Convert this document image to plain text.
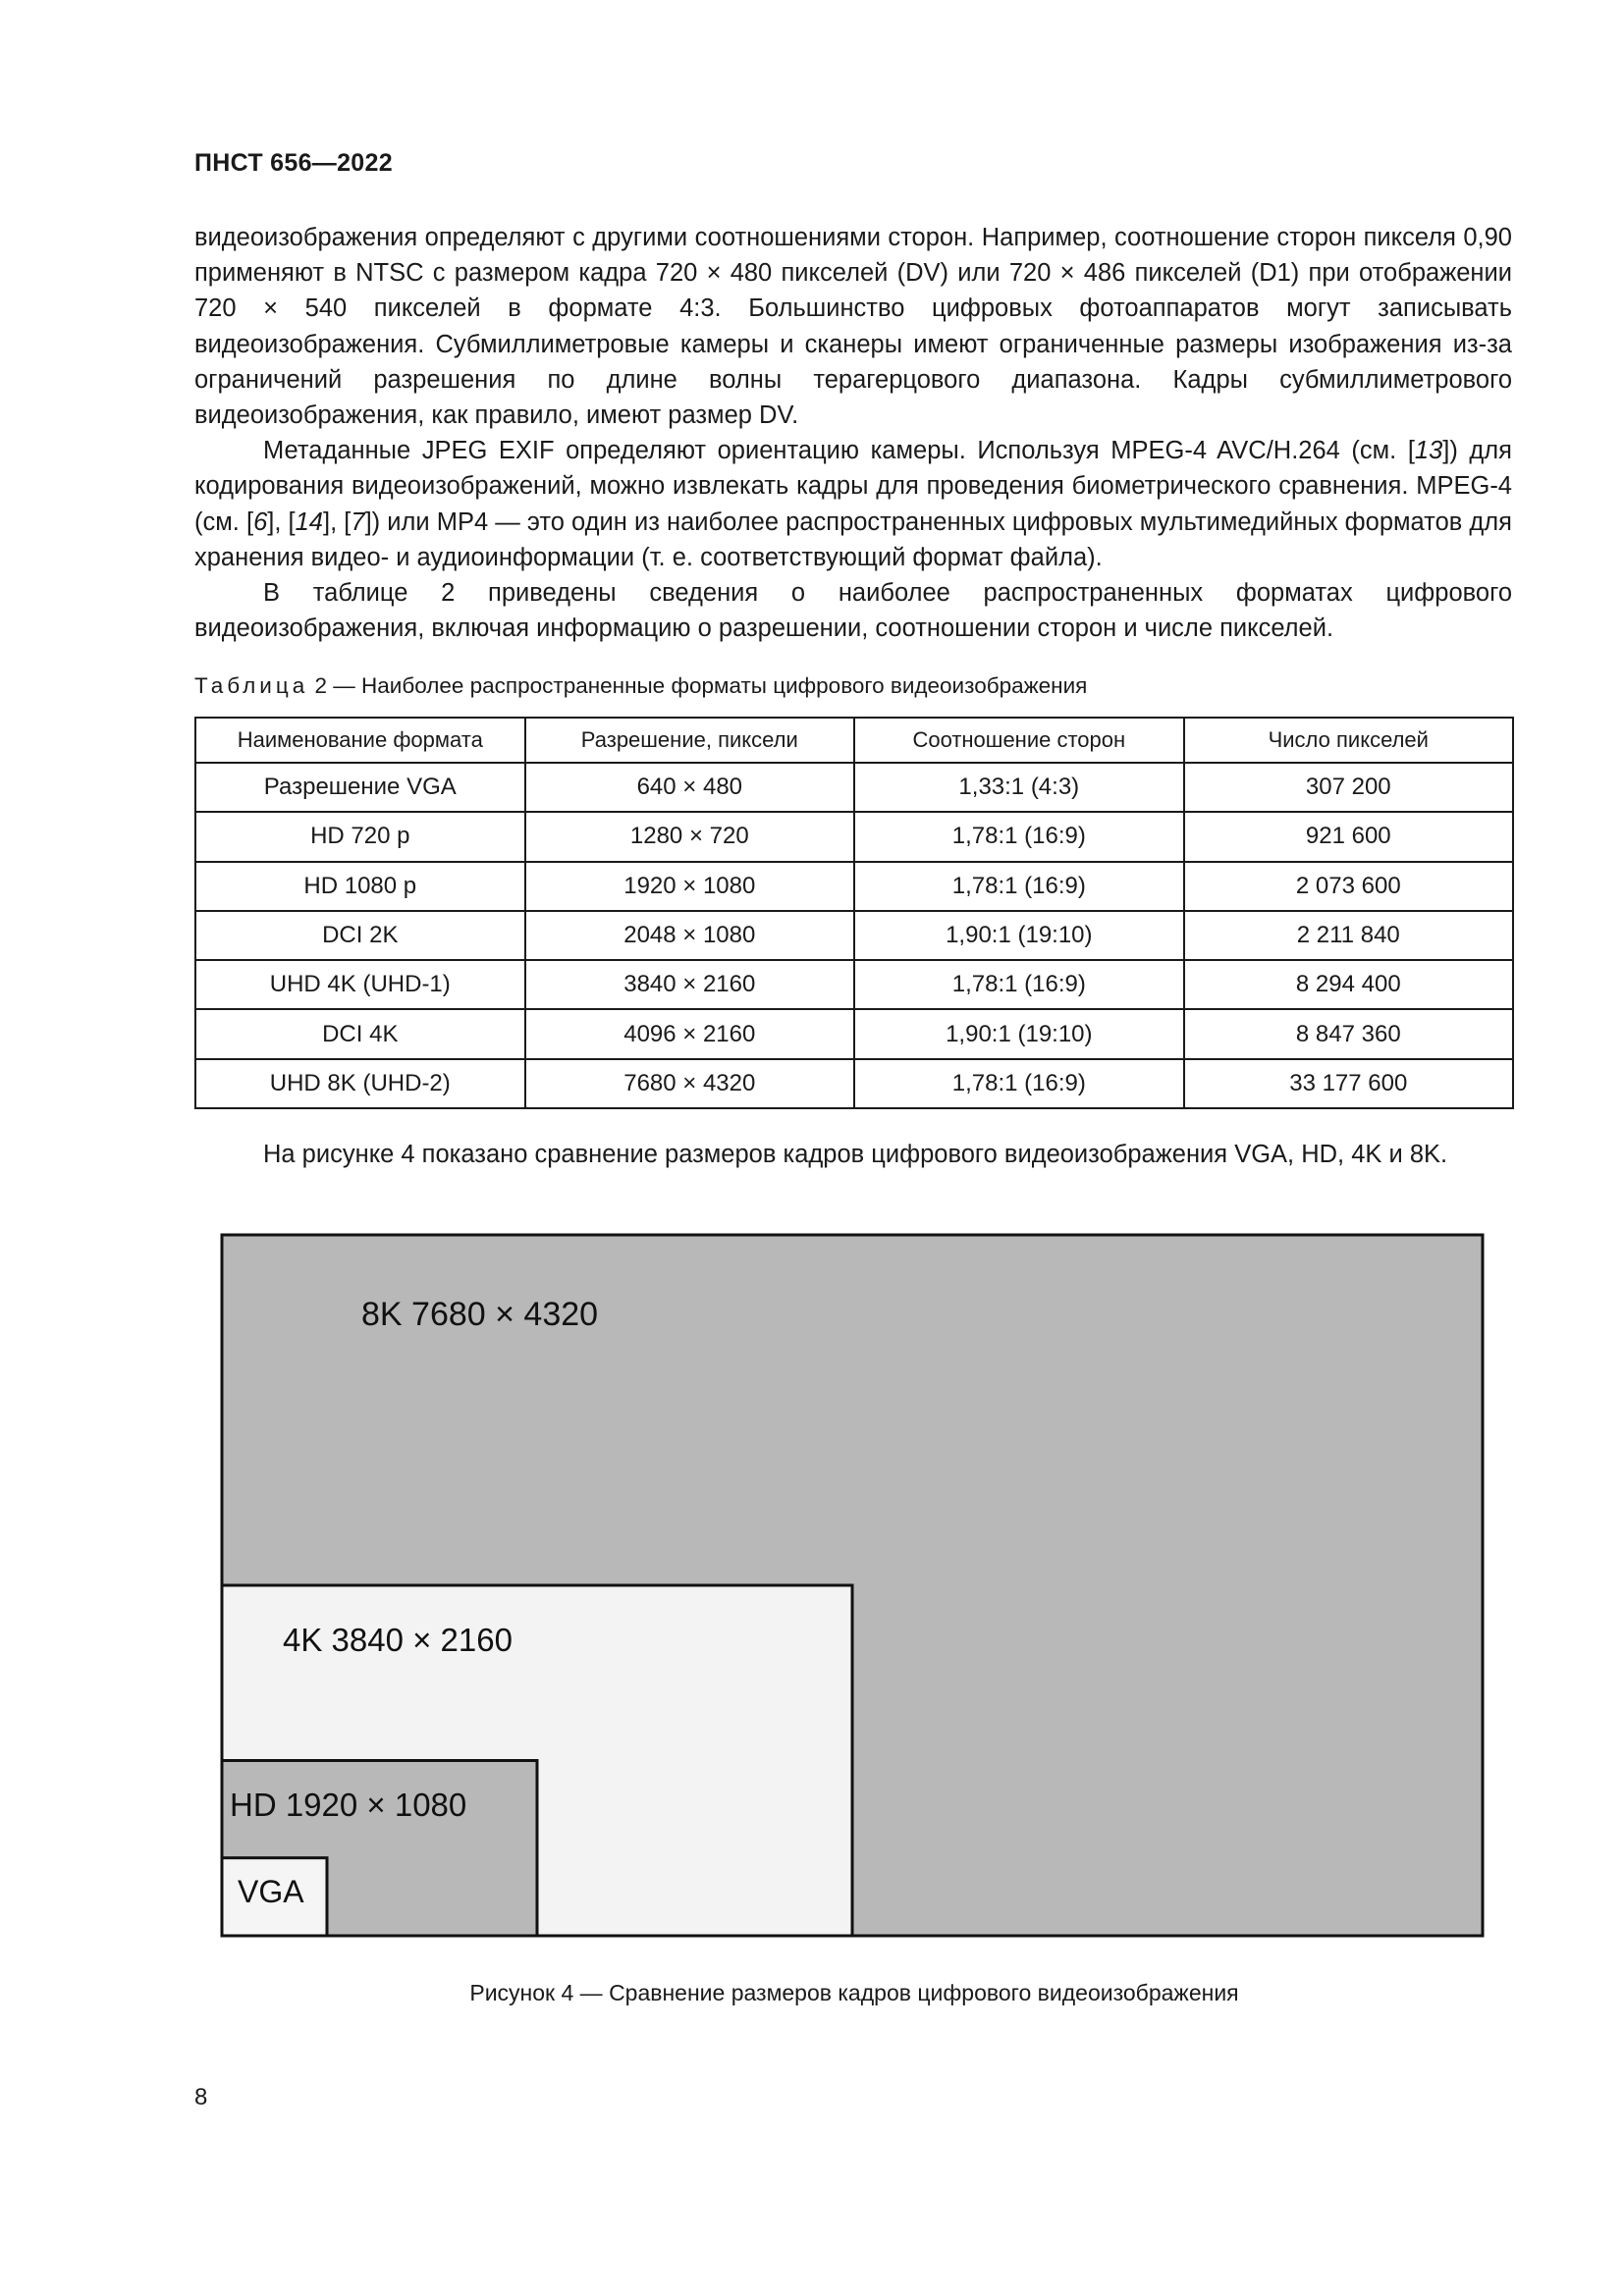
ПНСТ 656—2022

видеоизображения определяют с другими соотношениями сторон. Например, соотношение сторон пикселя 0,90 применяют в NTSC с размером кадра 720 × 480 пикселей (DV) или 720 × 486 пикселей (D1) при отображении 720 × 540 пикселей в формате 4:3. Большинство цифровых фотоаппаратов могут записывать видеоизображения. Субмиллиметровые камеры и сканеры имеют ограниченные размеры изображения из-за ограничений разрешения по длине волны терагерцового диапазона. Кадры субмиллиметрового видеоизображения, как правило, имеют размер DV.

Метаданные JPEG EXIF определяют ориентацию камеры. Используя MPEG-4 AVC/H.264 (см. [13]) для кодирования видеоизображений, можно извлекать кадры для проведения биометрического сравнения. MPEG-4 (см. [6], [14], [7]) или MP4 — это один из наиболее распространенных цифровых мультимедийных форматов для хранения видео- и аудиоинформации (т. е. соответствующий формат файла).

В таблице 2 приведены сведения о наиболее распространенных форматах цифрового видеоизображения, включая информацию о разрешении, соотношении сторон и числе пикселей.

Таблица 2 — Наиболее распространенные форматы цифрового видеоизображения
Наименование формата	Разрешение, пиксели	Соотношение сторон	Число пикселей
Разрешение VGA	640 × 480	1,33:1 (4:3)	307 200
HD 720 p	1280 × 720	1,78:1 (16:9)	921 600
HD 1080 p	1920 × 1080	1,78:1 (16:9)	2 073 600
DCI 2K	2048 × 1080	1,90:1 (19:10)	2 211 840
UHD 4K (UHD-1)	3840 × 2160	1,78:1 (16:9)	8 294 400
DCI 4K	4096 × 2160	1,90:1 (19:10)	8 847 360
UHD 8K (UHD-2)	7680 × 4320	1,78:1 (16:9)	33 177 600

На рисунке 4 показано сравнение размеров кадров цифрового видеоизображения VGA, HD, 4K и 8K.

8K 7680 × 4320
4K 3840 × 2160
HD 1920 × 1080
VGA
Рисунок 4 — Сравнение размеров кадров цифрового видеоизображения
8
